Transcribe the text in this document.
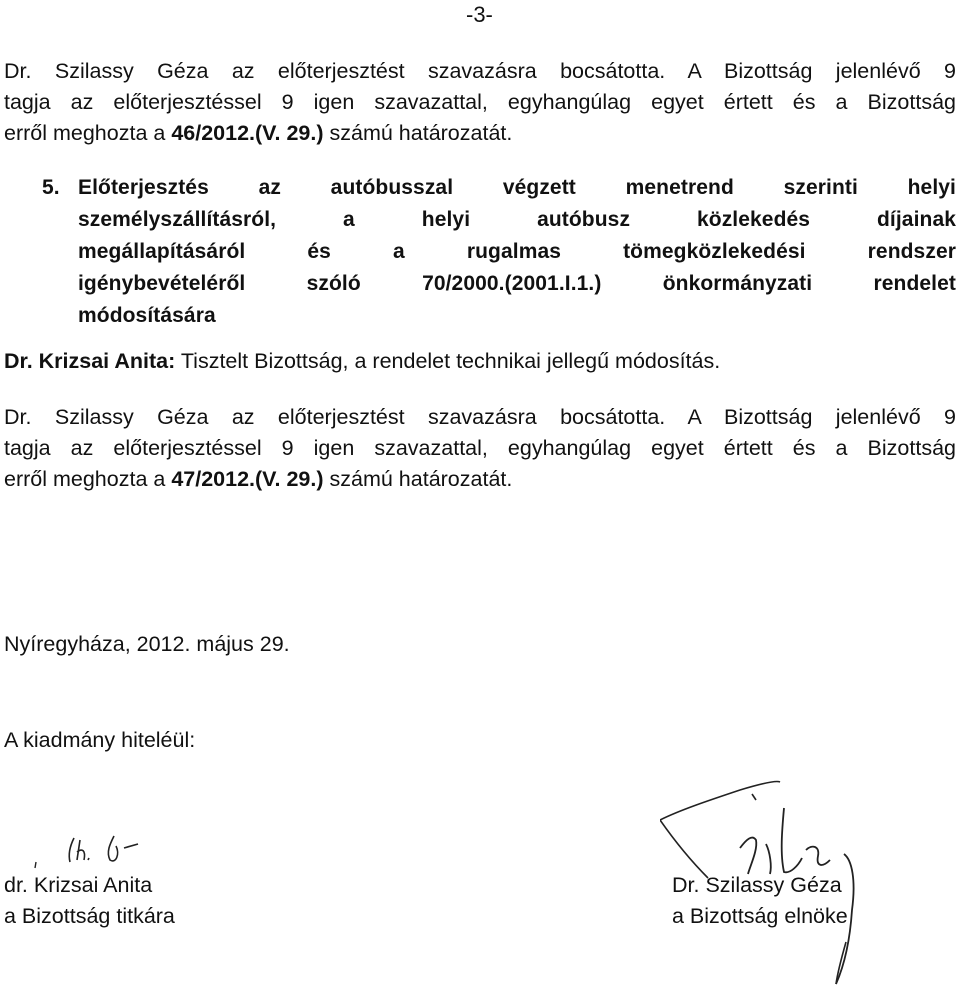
-3-

Dr. Szilassy Géza az előterjesztést szavazásra bocsátotta. A Bizottság jelenlévő 9
tagja az előterjesztéssel 9 igen szavazattal, egyhangúlag egyet értett és a Bizottság
erről meghozta a 46/2012.(V. 29.) számú határozatát.

5. Előterjesztés az autóbusszal végzett menetrend szerinti helyi
személyszállításról, a helyi autóbusz közlekedés díjainak
megállapításáról és a rugalmas tömegközlekedési rendszer
igénybevételéről szóló 70/2000.(2001.I.1.) önkormányzati rendelet
módosítására
Dr. Krizsai Anita: Tisztelt Bizottság, a rendelet technikai jellegű módosítás.

Dr. Szilassy Géza az előterjesztést szavazásra bocsátotta. A Bizottság jelenlévő 9
tagja az előterjesztéssel 9 igen szavazattal, egyhangúlag egyet értett és a Bizottság
erről meghozta a 47/2012.(V. 29.) számú határozatát.

Nyíregyháza, 2012. május 29.
A kiadmány hiteléül:
dr. Krizsai Anita
a Bizottság titkára
Dr. Szilassy Géza
a Bizottság elnöke
